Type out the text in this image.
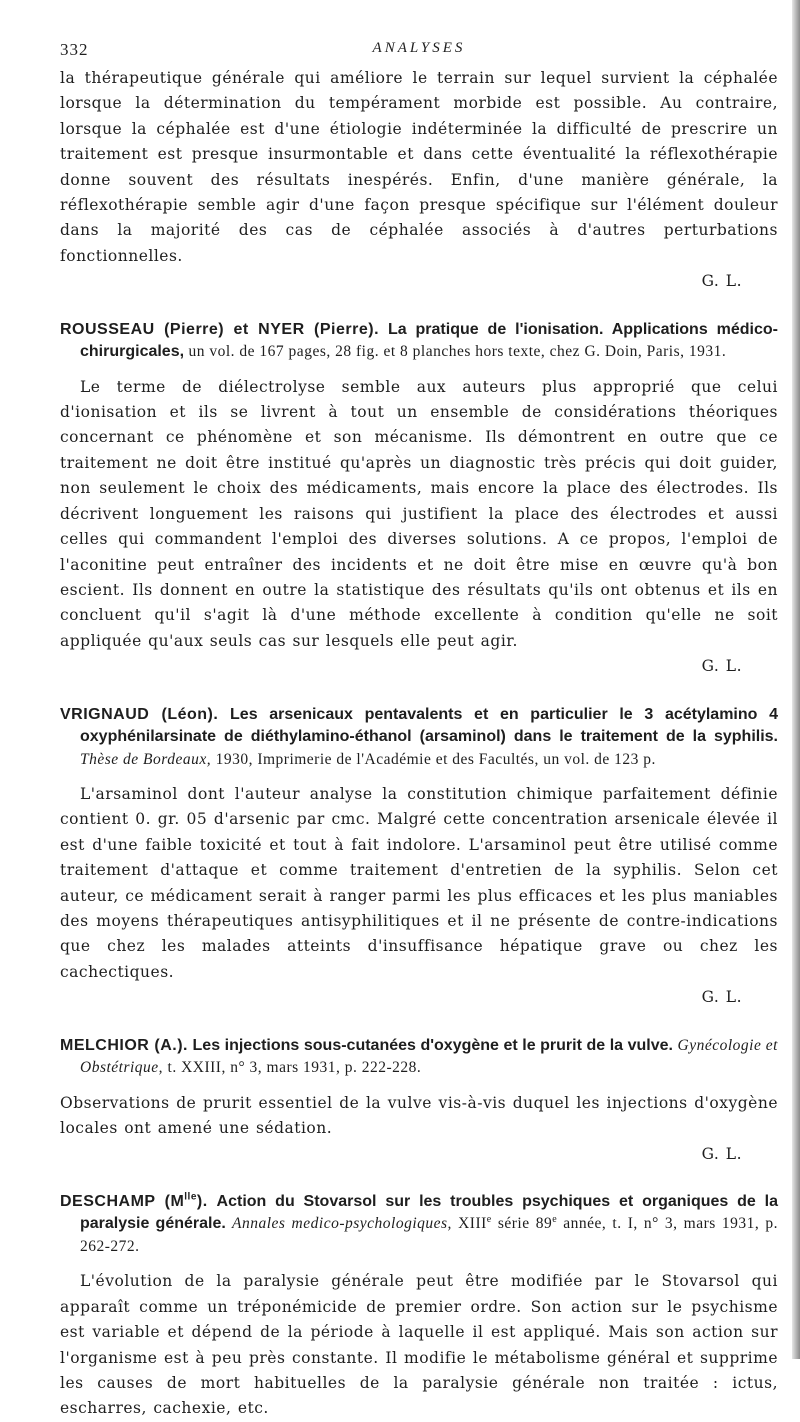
332	ANALYSES

la thérapeutique générale qui améliore le terrain sur lequel survient la céphalée lorsque la détermination du tempérament morbide est possible. Au contraire, lorsque la céphalée est d'une étiologie indéterminée la difficulté de prescrire un traitement est presque insurmontable et dans cette éventualité la réflexothérapie donne souvent des résultats inespérés. Enfin, d'une manière générale, la réflexothérapie semble agir d'une façon presque spécifique sur l'élément douleur dans la majorité des cas de céphalée associés à d'autres perturbations fonctionnelles.

G. L.

ROUSSEAU (Pierre) et NYER (Pierre). La pratique de l'ionisation. Applications médico-chirurgicales, un vol. de 167 pages, 28 fig. et 8 planches hors texte, chez G. Doin, Paris, 1931.

Le terme de diélectrolyse semble aux auteurs plus approprié que celui d'ionisation et ils se livrent à tout un ensemble de considérations théoriques concernant ce phénomène et son mécanisme. Ils démontrent en outre que ce traitement ne doit être institué qu'après un diagnostic très précis qui doit guider, non seulement le choix des médicaments, mais encore la place des électrodes. Ils décrivent longuement les raisons qui justifient la place des électrodes et aussi celles qui commandent l'emploi des diverses solutions. A ce propos, l'emploi de l'aconitine peut entraîner des incidents et ne doit être mise en œuvre qu'à bon escient. Ils donnent en outre la statistique des résultats qu'ils ont obtenus et ils en concluent qu'il s'agit là d'une méthode excellente à condition qu'elle ne soit appliquée qu'aux seuls cas sur lesquels elle peut agir.

G. L.

VRIGNAUD (Léon). Les arsenicaux pentavalents et en particulier le 3 acétylamino 4 oxyphénilarsinate de diéthylamino-éthanol (arsaminol) dans le traitement de la syphilis. Thèse de Bordeaux, 1930, Imprimerie de l'Académie et des Facultés, un vol. de 123 p.

L'arsaminol dont l'auteur analyse la constitution chimique parfaitement définie contient 0. gr. 05 d'arsenic par cmc. Malgré cette concentration arsenicale élevée il est d'une faible toxicité et tout à fait indolore. L'arsaminol peut être utilisé comme traitement d'attaque et comme traitement d'entretien de la syphilis. Selon cet auteur, ce médicament serait à ranger parmi les plus efficaces et les plus maniables des moyens thérapeutiques antisyphilitiques et il ne présente de contre-indications que chez les malades atteints d'insuffisance hépatique grave ou chez les cachectiques.

G. L.

MELCHIOR (A.). Les injections sous-cutanées d'oxygène et le prurit de la vulve. Gynécologie et Obstétrique, t. XXIII, n° 3, mars 1931, p. 222-228.

Observations de prurit essentiel de la vulve vis-à-vis duquel les injections d'oxygène locales ont amené une sédation.

G. L.

DESCHAMP $(M^{lle})$. Action du Stovarsol sur les troubles psychiques et organiques de la paralysie générale. Annales medico-psychologiques, XIIIe série 89e année, t. I, n° 3, mars 1931, p. 262-272.

L'évolution de la paralysie générale peut être modifiée par le Stovarsol qui apparaît comme un tréponémicide de premier ordre. Son action sur le psychisme est variable et dépend de la période à laquelle il est appliqué. Mais son action sur l'organisme est à peu près constante. Il modifie le métabolisme général et supprime les causes de mort habituelles de la paralysie générale non traitée : ictus, escharres, cachexie, etc.
